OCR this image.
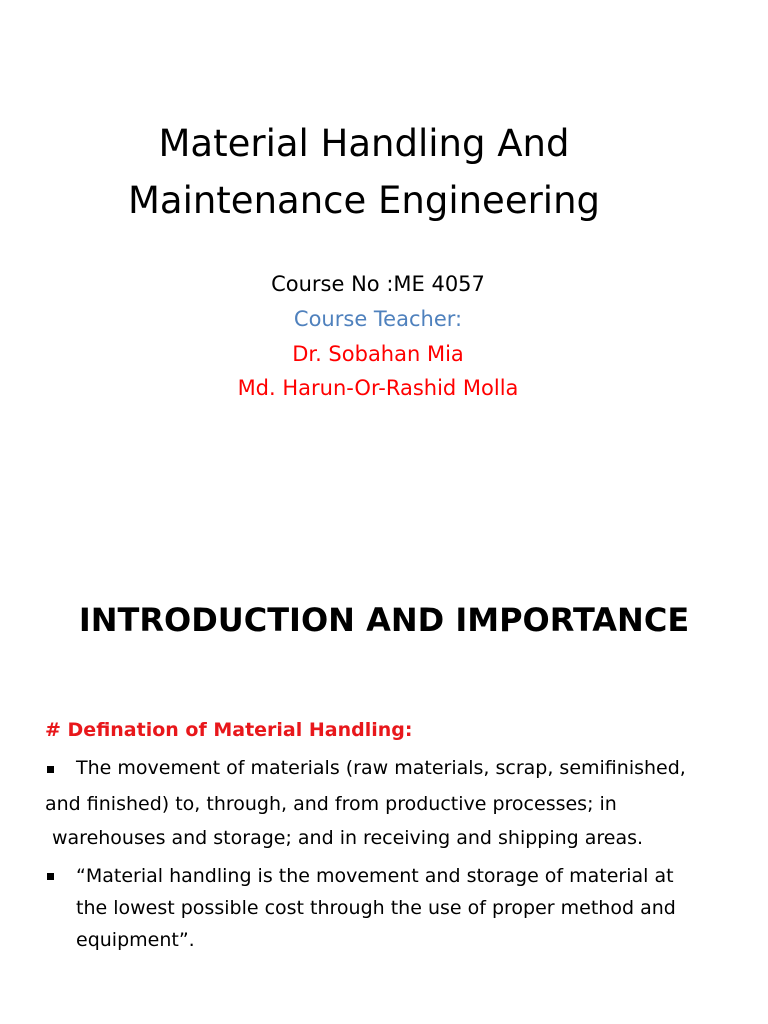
Material Handling And
Maintenance Engineering
Course No :ME 4057
Course Teacher:
Dr. Sobahan Mia
Md. Harun-Or-Rashid Molla
INTRODUCTION AND IMPORTANCE
# Defination of Material Handling:
The movement of materials (raw materials, scrap, semifinished,
and finished) to, through, and from productive processes; in
warehouses and storage; and in receiving and shipping areas.
“Material handling is the movement and storage of material at
the lowest possible cost through the use of proper method and
equipment”.
